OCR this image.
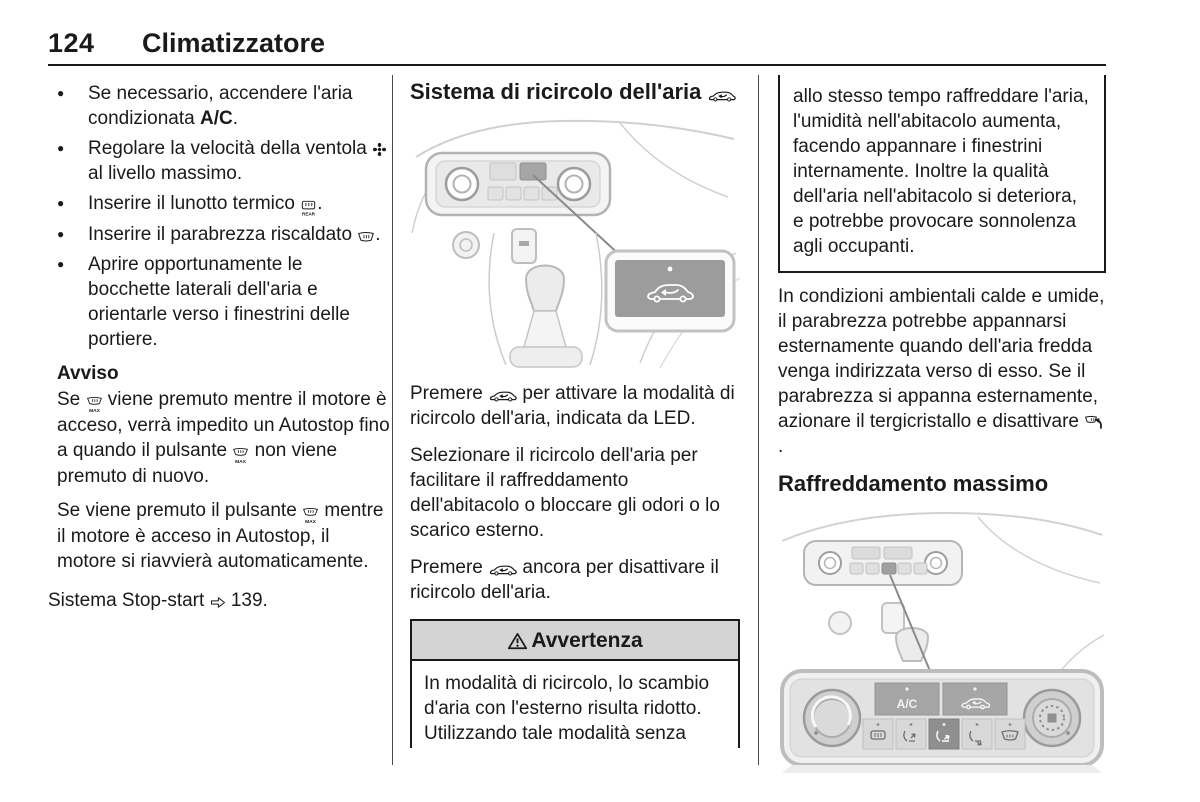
124 Climatizzatore
● Se necessario, accendere l'aria condizionata A/C.
● Regolare la velocità della ventola  al livello massimo.
● Inserire il lunotto termico
REAR
.
● Inserire il parabrezza riscaldato .
● Aprire opportunamente le bocchette laterali dell'aria e orientarle verso i finestrini delle portiere.
Avviso

Se
MAX
viene premuto mentre il motore è acceso, verrà impedito un Autostop fino a quando il pulsante
MAX
non viene premuto di nuovo.

Se viene premuto il pulsante
MAX
mentre il motore è acceso in Autostop, il motore si riavvierà automaticamente.

Sistema Stop-start  139.
Sistema di ricircolo dell'aria

Premere  per attivare la modalità di ricircolo dell'aria, indicata da LED.

Selezionare il ricircolo dell'aria per facilitare il raffreddamento dell'abitacolo o bloccare gli odori o lo scarico esterno.

Premere  ancora per disattivare il ricircolo dell'aria.

Avvertenza
In modalità di ricircolo, lo scambio d'aria con l'esterno risulta ridotto. Utilizzando tale modalità senza
allo stesso tempo raffreddare l'aria, l'umidità nell'abitacolo aumenta, facendo appannare i finestrini internamente. Inoltre la qualità dell'aria nell'abitacolo si deteriora, e potrebbe provocare sonnolenza agli occupanti.

In condizioni ambientali calde e umide, il parabrezza potrebbe appannarsi esternamente quando dell'aria fredda venga indirizzata verso di esso. Se il parabrezza si appanna esternamente, azionare il tergicristallo e disattivare .

Raffreddamento massimo
A/C
